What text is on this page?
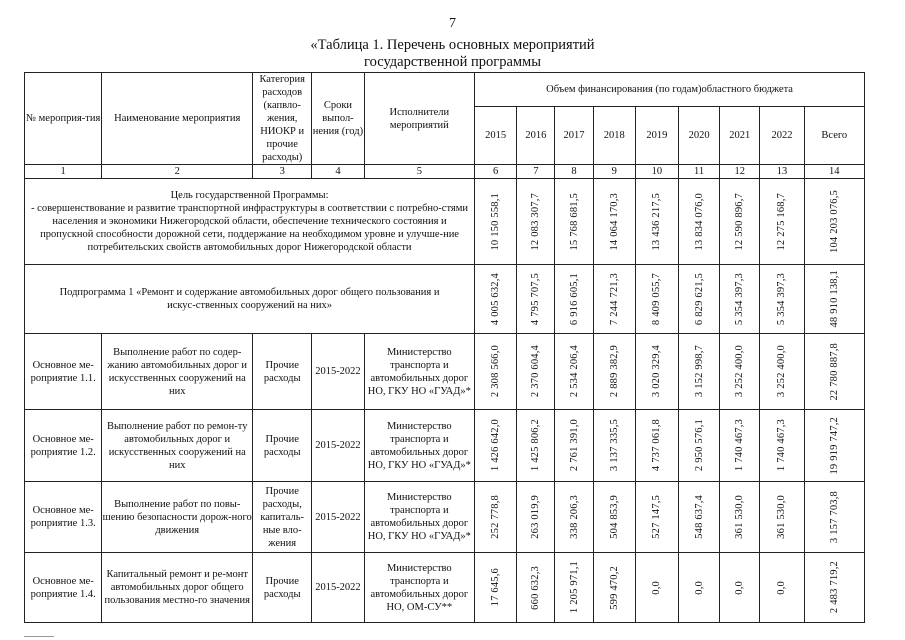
7
«Таблица 1. Перечень основных мероприятий
государственной программы
№ мероприя-тия	Наименование мероприятия	Категория расходов (капвло-жения, НИОКР и прочие расходы)	Сроки выпол-нения (год)	Исполнители мероприятий	Объем финансирования (по годам)областного бюджета								
					2015	2016	2017	2018	2019	2020	2021	2022	Всего
1	2	3	4	5	6	7	8	9	10	11	12	13	14
Цель государственной Программы:
- совершенствование и развитие транспортной инфраструктуры в соответствии с потребно-стями населения и экономики Нижегородской области, обеспечение технического состояния и пропускной способности дорожной сети, поддержание на необходимом уровне и улучше-ние потребительских свойств автомобильных дорог Нижегородской области					10 150 558,1	12 083 307,7	15 768 681,5	14 064 170,3	13 436 217,5	13 834 076,0	12 590 896,7	12 275 168,7	104 203 076,5

Подпрограмма 1 «Ремонт и содержание автомобильных дорог общего пользования и искус-ственных сооружений на них»					4 005 632,4	4 795 707,5	6 916 605,1	7 244 721,3	8 409 055,7	6 829 621,5	5 354 397,3	5 354 397,3	48 910 138,1

Основное ме-роприятие 1.1.	Выполнение работ по содер-жанию автомобильных дорог и искусственных сооружений на них	Прочие расходы	2015-2022	Министерство транспорта и автомобильных дорог НО, ГКУ НО «ГУАД»*	2 308 566,0	2 370 604,4	2 534 206,4	2 889 382,9	3 020 329,4	3 152 998,7	3 252 400,0	3 252 400,0	22 780 887,8

Основное ме-роприятие 1.2.	Выполнение работ по ремон-ту автомобильных дорог и искусственных сооружений на них	Прочие расходы	2015-2022	Министерство транспорта и автомобильных дорог НО, ГКУ НО «ГУАД»*	1 426 642,0	1 425 806,2	2 761 391,0	3 137 335,5	4 737 061,8	2 950 576,1	1 740 467,3	1 740 467,3	19 919 747,2

Основное ме-роприятие 1.3.	Выполнение работ по повы-шению безопасности дорож-ного движения	Прочие расходы, капиталь-ные вло-жения	2015-2022	Министерство транспорта и автомобильных дорог НО, ГКУ НО «ГУАД»*	252 778,8	263 019,9	338 206,3	504 853,9	527 147,5	548 637,4	361 530,0	361 530,0	3 157 703,8

Основное ме-роприятие 1.4.	Капитальный ремонт и ре-монт автомобильных дорог общего пользования местно-го значения	Прочие расходы	2015-2022	Министерство транспорта и автомобильных дорог НО, ОМ-СУ**	17 645,6	660 632,3	1 205 971,1	599 470,2	0,0	0,0	0,0	0,0	2 483 719,2
